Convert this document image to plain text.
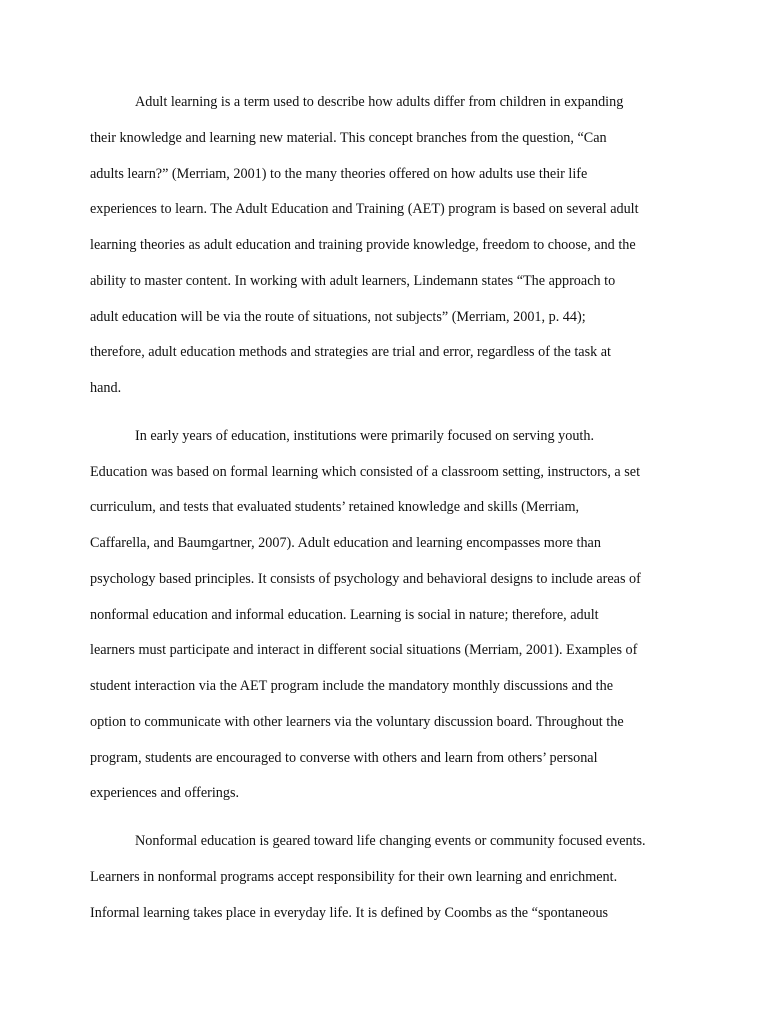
Adult learning is a term used to describe how adults differ from children in expanding
their knowledge and learning new material. This concept branches from the question, “Can
adults learn?” (Merriam, 2001) to the many theories offered on how adults use their life
experiences to learn. The Adult Education and Training (AET) program is based on several adult
learning theories as adult education and training provide knowledge, freedom to choose, and the
ability to master content. In working with adult learners, Lindemann states “The approach to
adult education will be via the route of situations, not subjects” (Merriam, 2001, p. 44);
therefore, adult education methods and strategies are trial and error, regardless of the task at
hand.
In early years of education, institutions were primarily focused on serving youth.
Education was based on formal learning which consisted of a classroom setting, instructors, a set
curriculum, and tests that evaluated students’ retained knowledge and skills (Merriam,
Caffarella, and Baumgartner, 2007). Adult education and learning encompasses more than
psychology based principles. It consists of psychology and behavioral designs to include areas of
nonformal education and informal education. Learning is social in nature; therefore, adult
learners must participate and interact in different social situations (Merriam, 2001). Examples of
student interaction via the AET program include the mandatory monthly discussions and the
option to communicate with other learners via the voluntary discussion board. Throughout the
program, students are encouraged to converse with others and learn from others’ personal
experiences and offerings.
Nonformal education is geared toward life changing events or community focused events.
Learners in nonformal programs accept responsibility for their own learning and enrichment.
Informal learning takes place in everyday life. It is defined by Coombs as the “spontaneous
